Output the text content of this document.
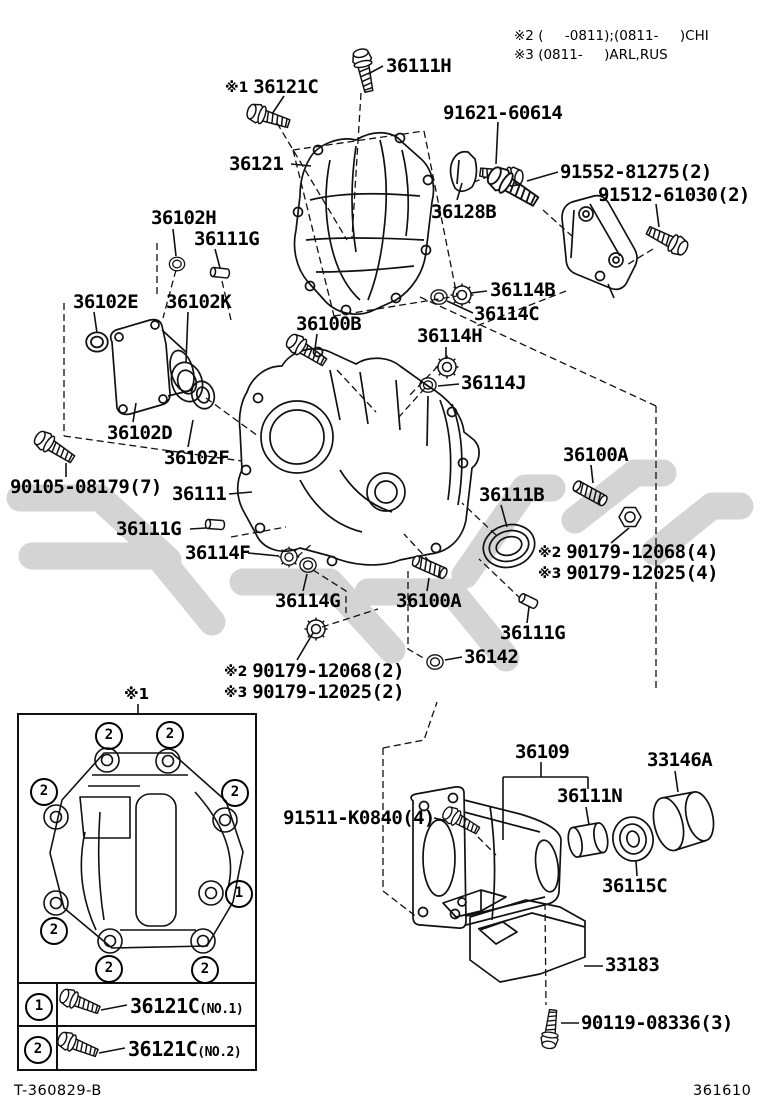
※2 (     -0811);(0811-     )CHI
※3 (0811-     )ARL,RUS
36111H
※1 36121C
91621-60614
36121	91552-81275(2)
91512-61030(2)
36128B
36102H
36111G
36102E 36102K
36114B
36114C
36100B
36114H
36114J
36102D
36102F
90105-08179(7) 36111
36100A
36111B
36111G
36114F	※2 90179-12068(4)
※3 90179-12025(4)
36114G	36100A
36111G
36142
※2 90179-12068(2)
※3 90179-12025(2)
36109	33146A
36111N
91511-K0840(4)
36115C
33183
90119-08336(3)
※1
2	2
2	2
1
2
2	2
1	36121C(NO.1)
2	36121C(NO.2)
T-360829-B	361610
